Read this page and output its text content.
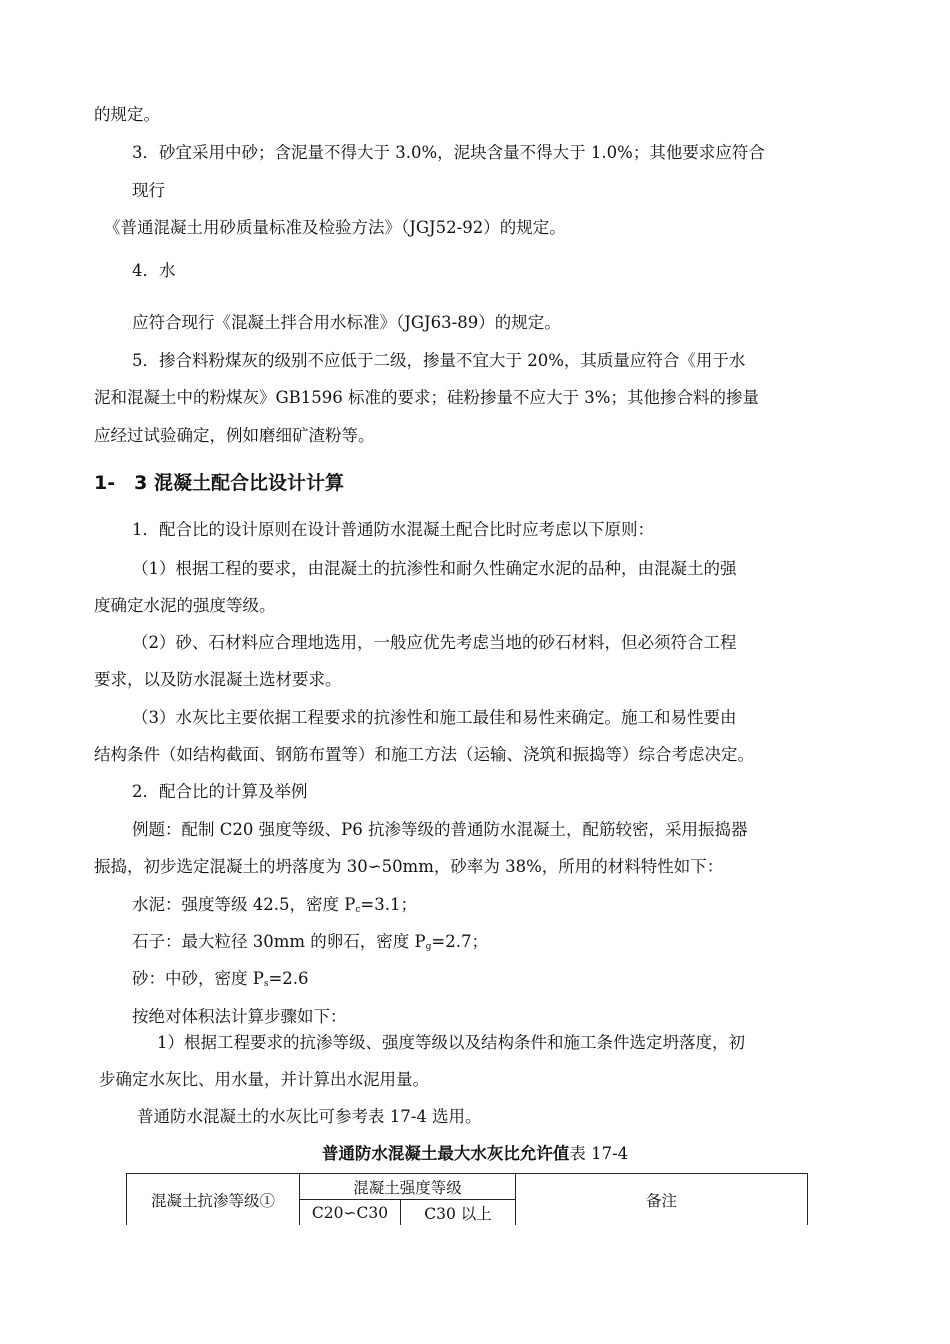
的规定。
3．砂宜采用中砂；含泥量不得大于 3.0%，泥块含量不得大于 1.0%；其他要求应符合
现行
《普通混凝土用砂质量标准及检验方法》（JGJ52-92）的规定。
4．水
应符合现行《混凝土拌合用水标准》（JGJ63-89）的规定。
5．掺合料粉煤灰的级别不应低于二级，掺量不宜大于 20%，其质量应符合《用于水
泥和混凝土中的粉煤灰》GB1596 标准的要求；硅粉掺量不应大于 3%；其他掺合料的掺量
应经过试验确定，例如磨细矿渣粉等。
1-　3 混凝土配合比设计计算
1．配合比的设计原则在设计普通防水混凝土配合比时应考虑以下原则：
（1）根据工程的要求，由混凝土的抗渗性和耐久性确定水泥的品种，由混凝土的强
度确定水泥的强度等级。
（2）砂、石材料应合理地选用，一般应优先考虑当地的砂石材料，但必须符合工程
要求，以及防水混凝土选材要求。
（3）水灰比主要依据工程要求的抗渗性和施工最佳和易性来确定。施工和易性要由
结构条件（如结构截面、钢筋布置等）和施工方法（运输、浇筑和振捣等）综合考虑决定。
2．配合比的计算及举例
例题：配制 C20 强度等级、P6 抗渗等级的普通防水混凝土，配筋较密，采用振捣器
振捣，初步选定混凝土的坍落度为 30∽50mm，砂率为 38%，所用的材料特性如下：
水泥：强度等级 42.5，密度 $P_c=3.1$；
石子：最大粒径 30mm 的卵石，密度 $P_g=2.7$；
砂：中砂，密度 $P_s=2.6$
按绝对体积法计算步骤如下：
1）根据工程要求的抗渗等级、强度等级以及结构条件和施工条件选定坍落度，初
步确定水灰比、用水量，并计算出水泥用量。
普通防水混凝土的水灰比可参考表 17-4 选用。
普通防水混凝土最大水灰比允许值表 17-4
混凝土抗渗等级①	混凝土强度等级		备注
	C20∽C30	C30 以上	
